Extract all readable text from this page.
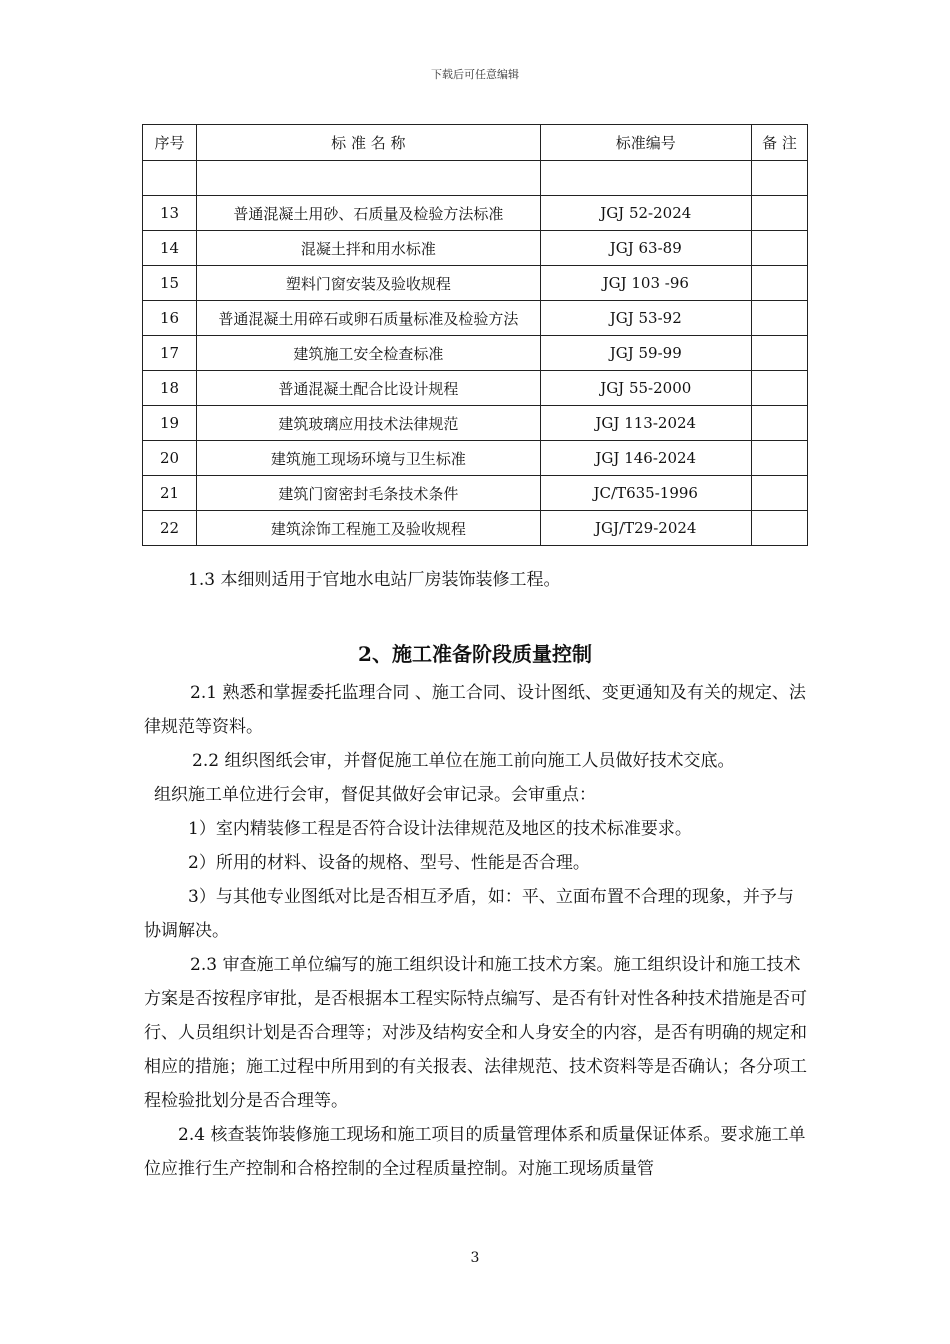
下载后可任意编辑
序号	标 准 名 称	标准编号	备 注

13	普通混凝土用砂、石质量及检验方法标准	JGJ 52-2024	
14	混凝土拌和用水标准	JGJ 63-89	
15	塑料门窗安装及验收规程	JGJ 103 -96	
16	普通混凝土用碎石或卵石质量标准及检验方法	JGJ 53-92	
17	建筑施工安全检查标准	JGJ 59-99	
18	普通混凝土配合比设计规程	JGJ 55-2000	
19	建筑玻璃应用技术法律规范	JGJ 113-2024	
20	建筑施工现场环境与卫生标准	JGJ 146-2024	
21	建筑门窗密封毛条技术条件	JC/T635-1996	
22	建筑涂饰工程施工及验收规程	JGJ/T29-2024	

1.3 本细则适用于官地水电站厂房装饰装修工程。

2、施工准备阶段质量控制

2.1 熟悉和掌握委托监理合同 、施工合同、设计图纸、变更通知及有关的规定、法律规范等资料。

2.2 组织图纸会审，并督促施工单位在施工前向施工人员做好技术交底。

组织施工单位进行会审，督促其做好会审记录。会审重点：

1）室内精装修工程是否符合设计法律规范及地区的技术标准要求。

2）所用的材料、设备的规格、型号、性能是否合理。

3）与其他专业图纸对比是否相互矛盾，如：平、立面布置不合理的现象，并予与协调解决。

2.3 审查施工单位编写的施工组织设计和施工技术方案。施工组织设计和施工技术方案是否按程序审批，是否根据本工程实际特点编写、是否有针对性各种技术措施是否可行、人员组织计划是否合理等；对涉及结构安全和人身安全的内容，是否有明确的规定和相应的措施；施工过程中所用到的有关报表、法律规范、技术资料等是否确认；各分项工程检验批划分是否合理等。

2.4 核查装饰装修施工现场和施工项目的质量管理体系和质量保证体系。要求施工单位应推行生产控制和合格控制的全过程质量控制。对施工现场质量管

3
